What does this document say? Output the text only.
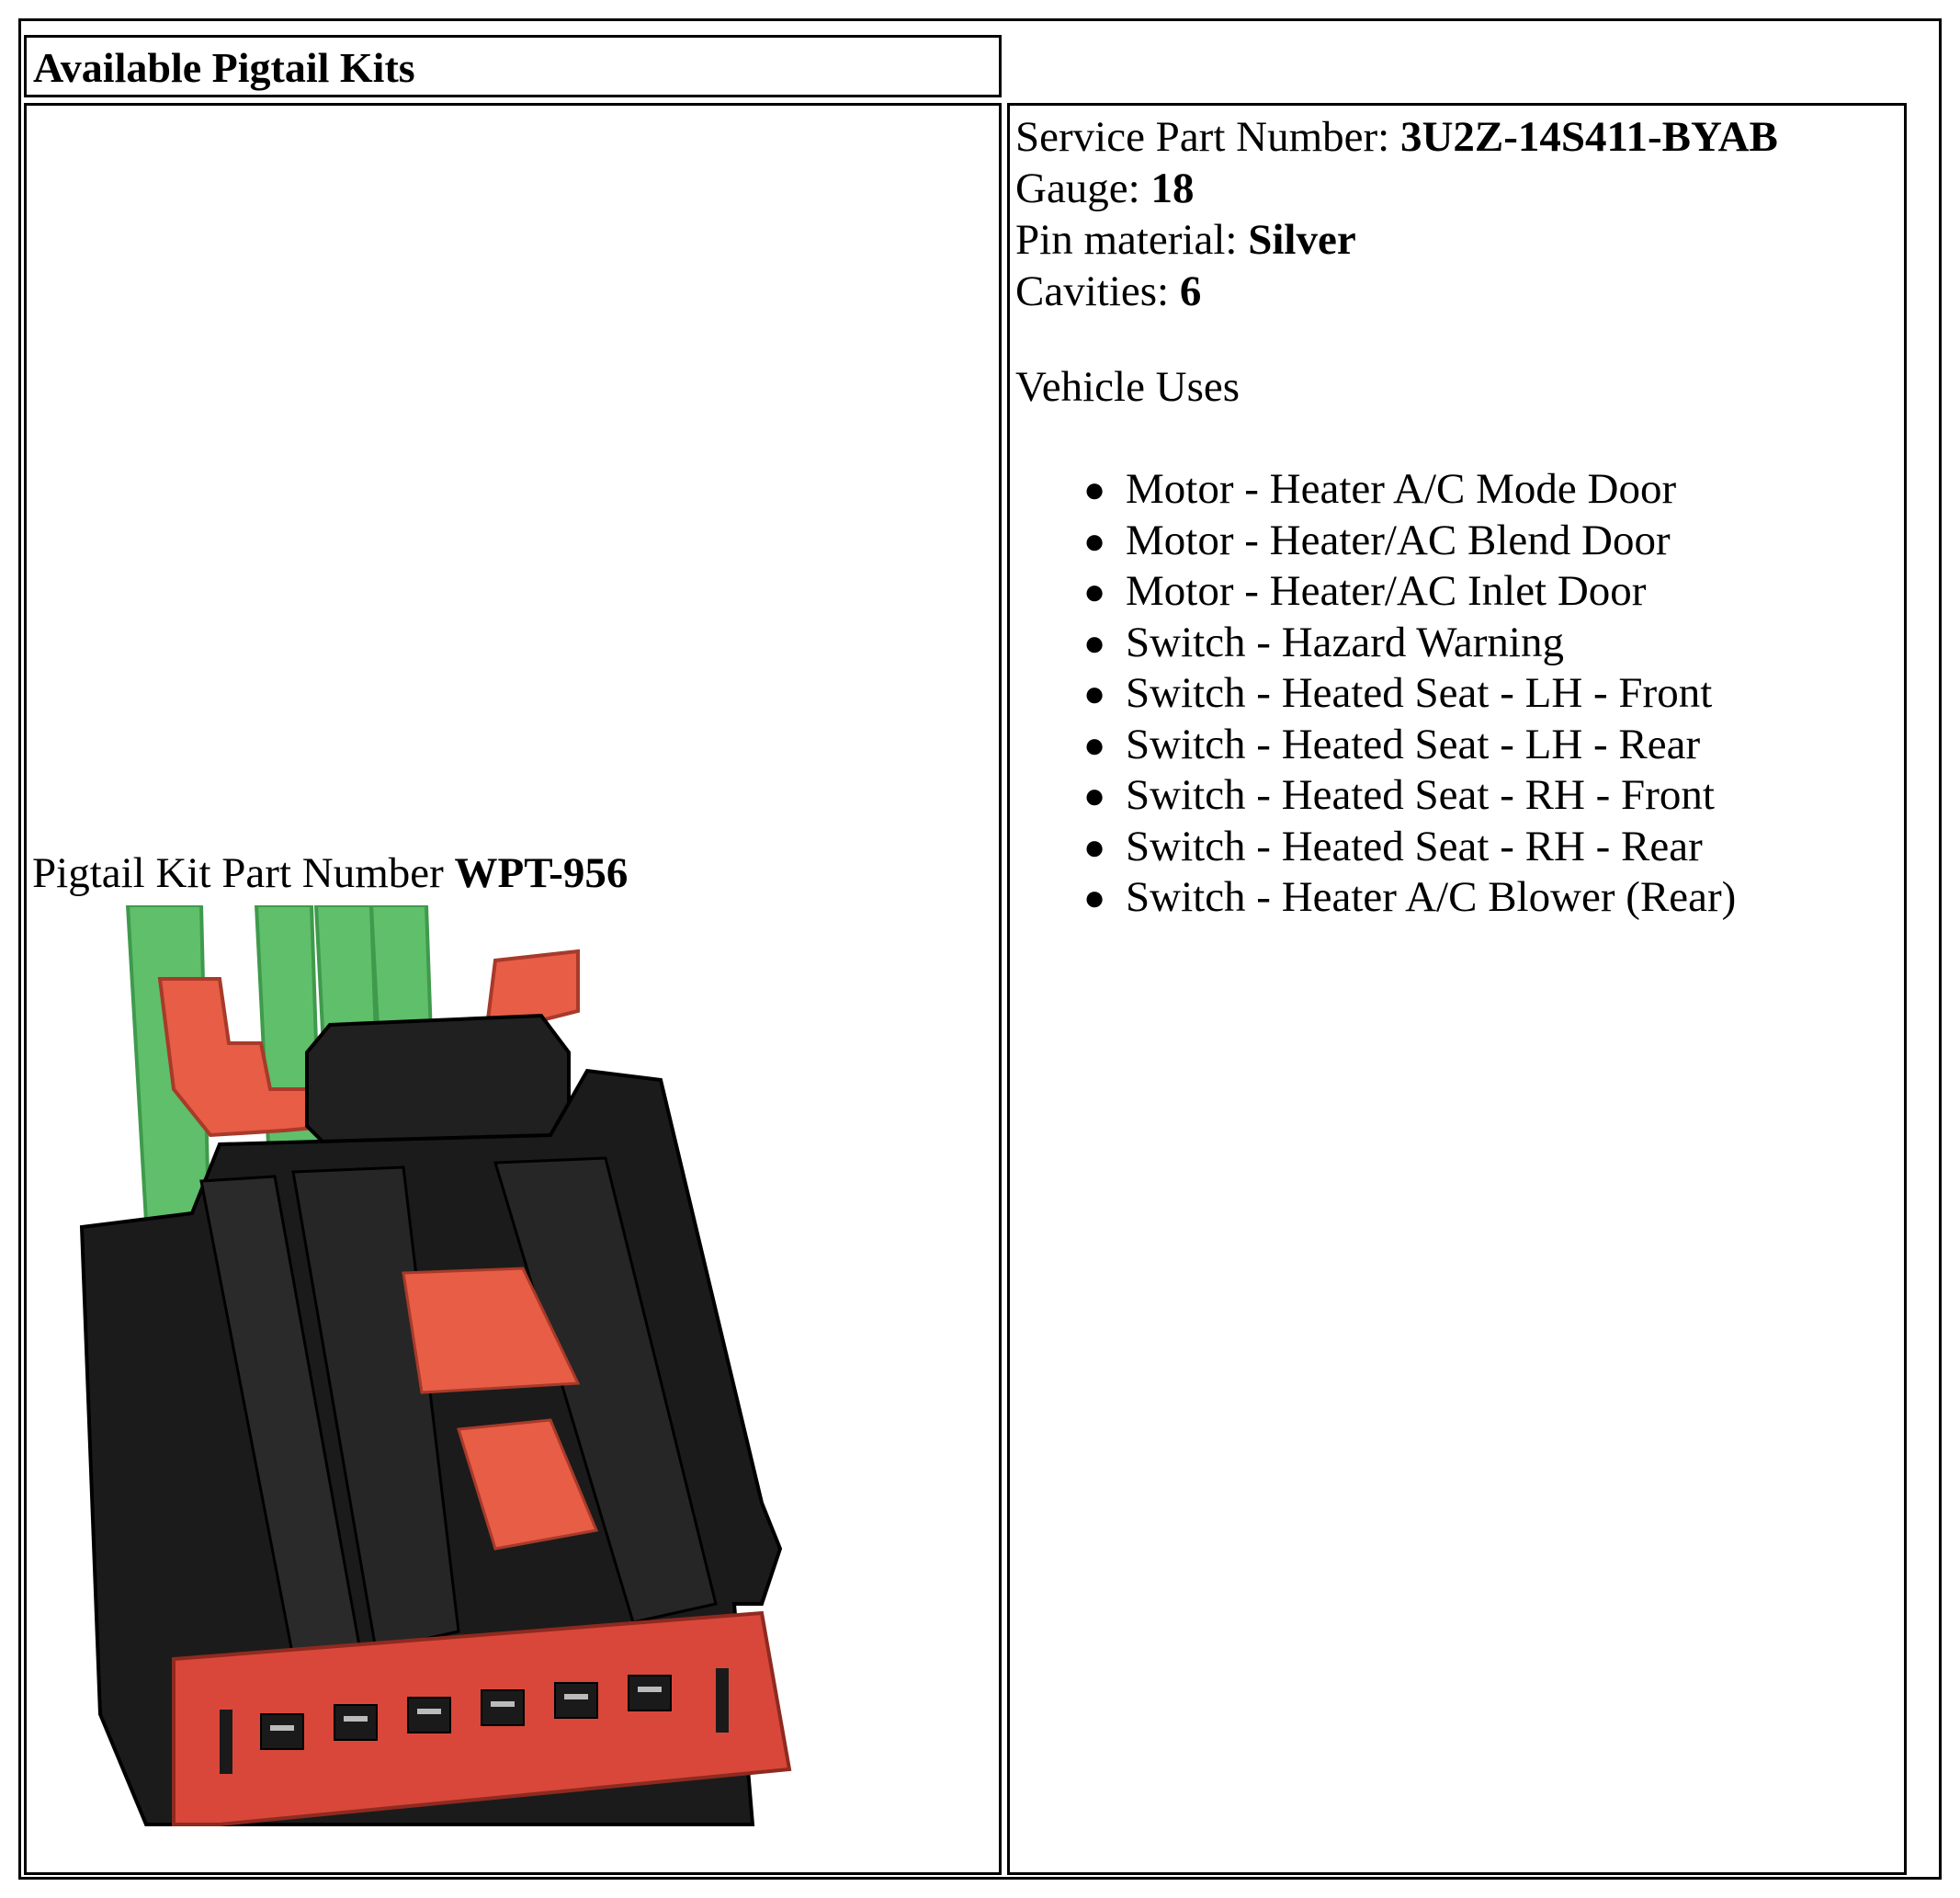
Available Pigtail Kits
Pigtail Kit Part Number WPT-956
Service Part Number: 3U2Z-14S411-BYAB
Gauge: 18
Pin material: Silver
Cavities: 6
Vehicle Uses
● Motor - Heater A/C Mode Door
● Motor - Heater/AC Blend Door
● Motor - Heater/AC Inlet Door
● Switch - Hazard Warning
● Switch - Heated Seat - LH - Front
● Switch - Heated Seat - LH - Rear
● Switch - Heated Seat - RH - Front
● Switch - Heated Seat - RH - Rear
● Switch - Heater A/C Blower (Rear)
